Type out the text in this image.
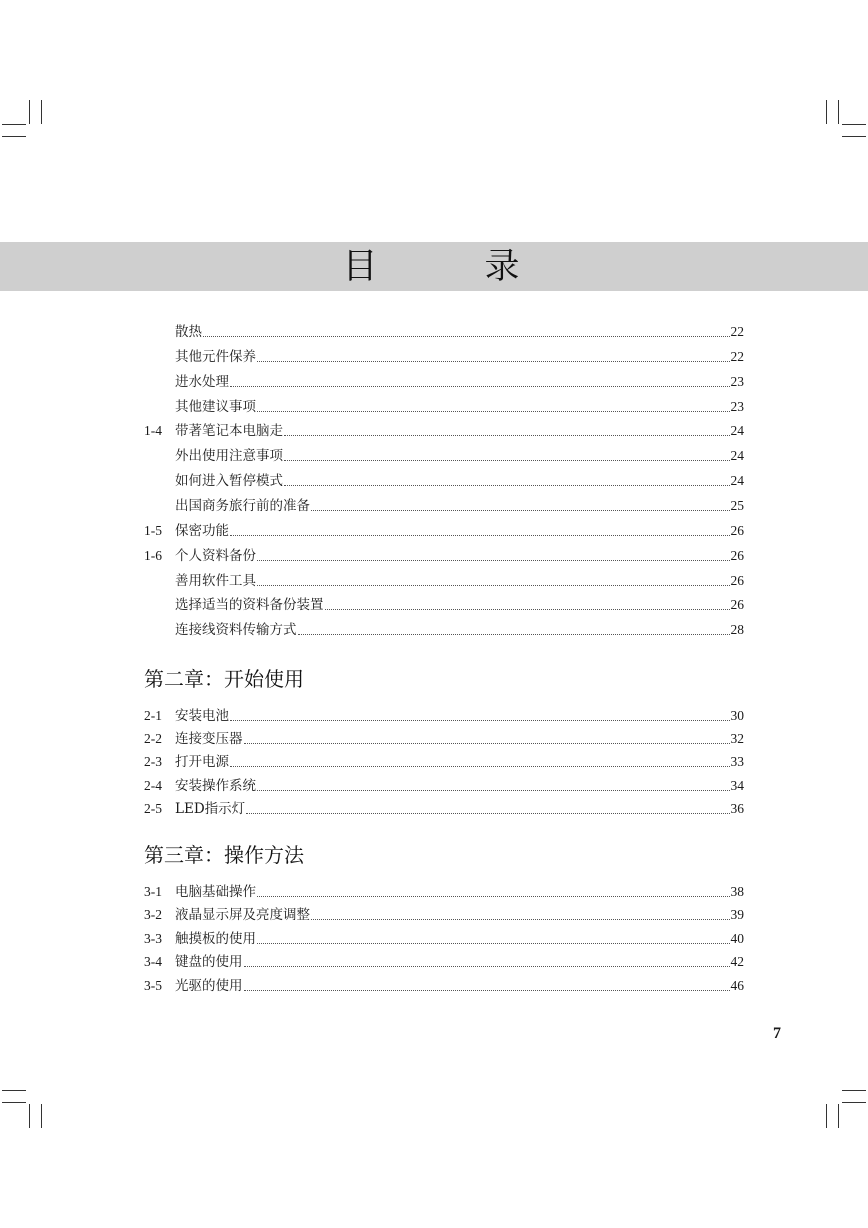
目　录
散热	22
其他元件保养	22
进水处理	23
其他建议事项	23
1-4 带著笔记本电脑走	24
外出使用注意事项	24
如何进入暂停模式	24
出国商务旅行前的准备	25
1-5 保密功能	26
1-6 个人资料备份	26
善用软件工具	26
选择适当的资料备份装置	26
连接线资料传输方式	28
2-1 安装电池	30
2-2 连接变压器	32
2-3 打开电源	33
2-4 安装操作系统	34
2-5 LED指示灯	36
3-1 电脑基础操作	38
3-2 液晶显示屏及亮度调整	39
3-3 触摸板的使用	40
3-4 键盘的使用	42
3-5 光驱的使用	46
第二章：开始使用
第三章：操作方法
7
